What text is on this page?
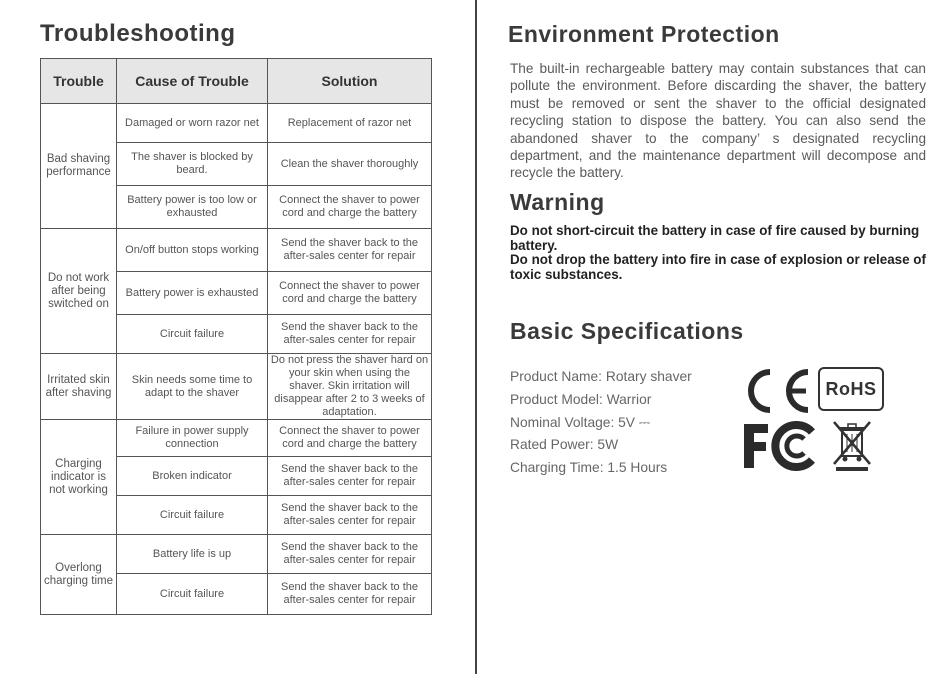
Troubleshooting
Trouble	Cause of Trouble	Solution
Bad shaving performance	Damaged or worn razor net	Replacement of razor net
	The shaver is blocked by beard.	Clean the shaver thoroughly
	Battery power is too low or exhausted	Connect the shaver to power cord and charge the battery
Do not work after being switched on	On/off button stops working	Send the shaver back to the after-sales center for repair
	Battery power is exhausted	Connect the shaver to power cord and charge the battery
	Circuit failure	Send the shaver back to the after-sales center for repair
Irritated skin after shaving	Skin needs some time to adapt to the shaver	Do not press the shaver hard on your skin when using the shaver. Skin irritation will disappear after 2 to 3 weeks of adaptation.
Charging indicator is not working	Failure in power supply connection	Connect the shaver to power cord and charge the battery
	Broken indicator	Send the shaver back to the after-sales center for repair
	Circuit failure	Send the shaver back to the after-sales center for repair
Overlong charging time	Battery life is up	Send the shaver back to the after-sales center for repair
	Circuit failure	Send the shaver back to the after-sales center for repair
Environment Protection
The built-in rechargeable battery may contain substances that can pollute the environment. Before discarding the shaver, the battery must be removed or sent the shaver to the official designated recycling station to dispose the battery. You can also send the abandoned shaver to the company’ s designated recycling department, and the maintenance department will decompose and recycle the battery.
Warning
Do not short-circuit the battery in case of fire caused by burning battery.
Do not drop the battery into fire in case of explosion or release of toxic substances.
Basic Specifications
Product Name: Rotary shaver
Product Model: Warrior
Nominal Voltage: 5V ⎓
Rated Power: 5W
Charging Time: 1.5 Hours
RoHS
